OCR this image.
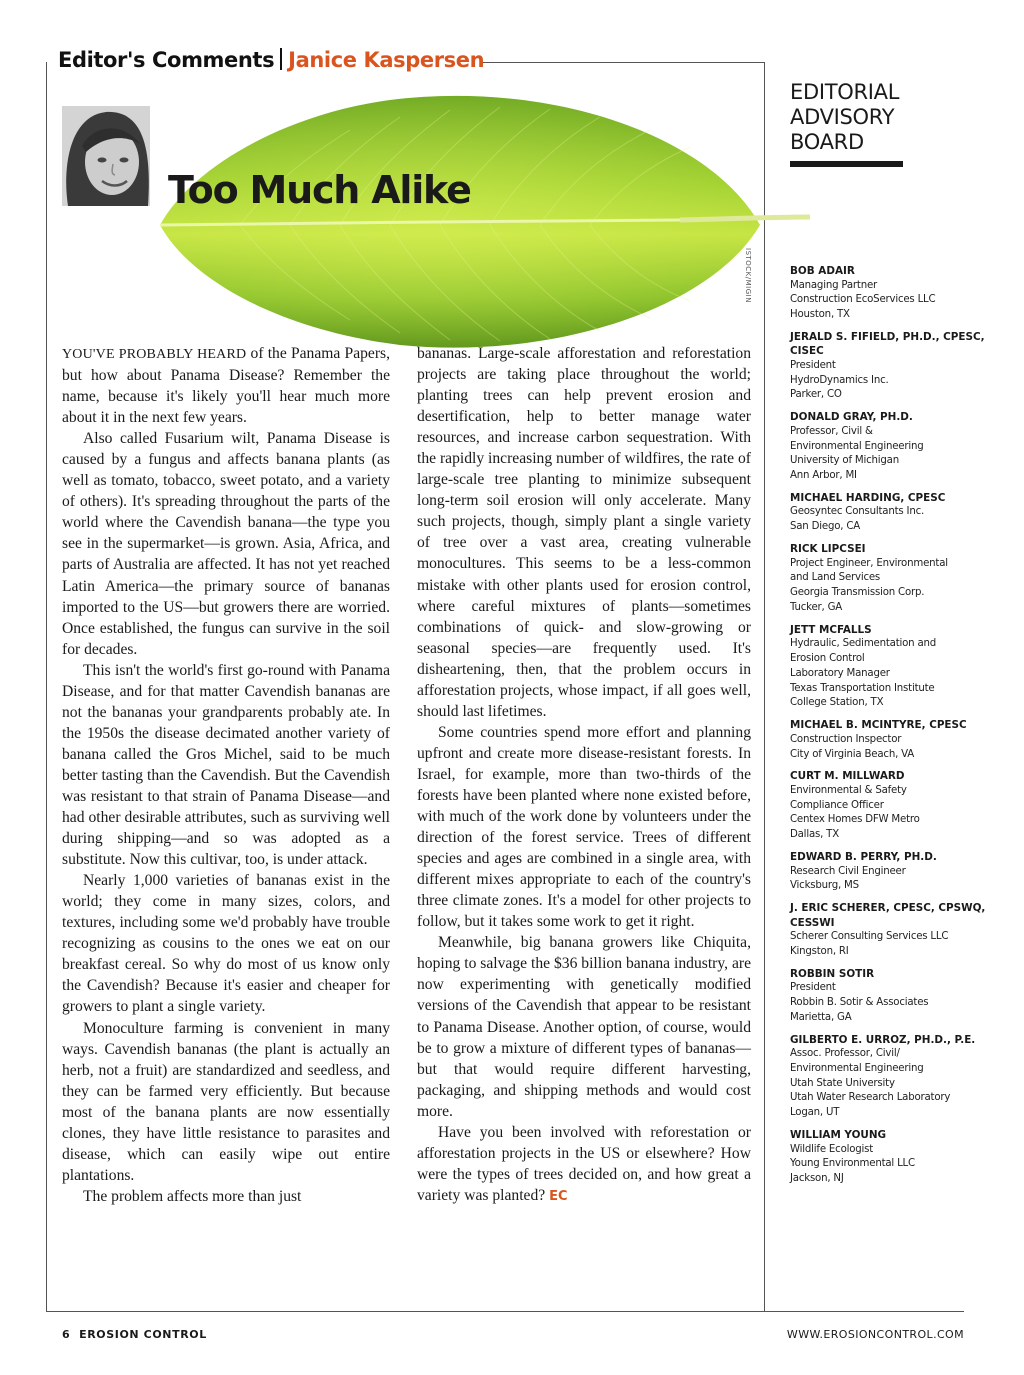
Editor's Comments Janice Kaspersen
ISTOCK/MIGIN
Too Much Alike

YOU'VE PROBABLY HEARD of the Panama Papers, but how about Panama Disease? Remember the name, because it's likely you'll hear much more about it in the next few years.

Also called Fusarium wilt, Panama Disease is caused by a fungus and affects banana plants (as well as tomato, tobacco, sweet potato, and a variety of others). It's spreading throughout the parts of the world where the Cavendish banana—the type you see in the supermarket—is grown. Asia, Africa, and parts of Australia are affected. It has not yet reached Latin America—the primary source of bananas imported to the US—but growers there are worried. Once established, the fungus can survive in the soil for decades.

This isn't the world's first go-round with Panama Disease, and for that matter Cavendish bananas are not the bananas your grandparents probably ate. In the 1950s the disease decimated another variety of banana called the Gros Michel, said to be much better tasting than the Cavendish. But the Cavendish was resistant to that strain of Panama Disease—and had other desirable attributes, such as surviving well during shipping—and so was adopted as a substitute. Now this cultivar, too, is under attack.

Nearly 1,000 varieties of bananas exist in the world; they come in many sizes, colors, and textures, including some we'd probably have trouble recognizing as cousins to the ones we eat on our breakfast cereal. So why do most of us know only the Cavendish? Because it's easier and cheaper for growers to plant a single variety.

Monoculture farming is convenient in many ways. Cavendish bananas (the plant is actually an herb, not a fruit) are standardized and seedless, and they can be farmed very efficiently. But because most of the banana plants are now essentially clones, they have little resistance to parasites and disease, which can easily wipe out entire plantations.

The problem affects more than just

bananas. Large-scale afforestation and reforestation projects are taking place throughout the world; planting trees can help prevent erosion and desertification, help to better manage water resources, and increase carbon sequestration. With the rapidly increasing number of wildfires, the rate of large-scale tree planting to minimize subsequent long-term soil erosion will only accelerate. Many such projects, though, simply plant a single variety of tree over a vast area, creating vulnerable monocultures. This seems to be a less-common mistake with other plants used for erosion control, where careful mixtures of plants—sometimes combinations of quick- and slow-growing or seasonal species—are frequently used. It's disheartening, then, that the problem occurs in afforestation projects, whose impact, if all goes well, should last lifetimes.

Some countries spend more effort and planning upfront and create more disease-resistant forests. In Israel, for example, more than two-thirds of the forests have been planted where none existed before, with much of the work done by volunteers under the direction of the forest service. Trees of different species and ages are combined in a single area, with different mixes appropriate to each of the country's three climate zones. It's a model for other projects to follow, but it takes some work to get it right.

Meanwhile, big banana growers like Chiquita, hoping to salvage the $36 billion banana industry, are now experimenting with genetically modified versions of the Cavendish that appear to be resistant to Panama Disease. Another option, of course, would be to grow a mixture of different types of bananas—but that would require different harvesting, packaging, and shipping methods and would cost more.

Have you been involved with reforestation or afforestation projects in the US or elsewhere? How were the types of trees decided on, and how great a variety was planted? EC

EDITORIAL
ADVISORY
BOARD
BOB ADAIR
Managing Partner
Construction EcoServices LLC
Houston, TX
JERALD S. FIFIELD, PH.D., CPESC, CISEC
President
HydroDynamics Inc.
Parker, CO
DONALD GRAY, PH.D.
Professor, Civil &
Environmental Engineering
University of Michigan
Ann Arbor, MI
MICHAEL HARDING, CPESC
Geosyntec Consultants Inc.
San Diego, CA
RICK LIPCSEI
Project Engineer, Environmental
and Land Services
Georgia Transmission Corp.
Tucker, GA
JETT MCFALLS
Hydraulic, Sedimentation and
Erosion Control
Laboratory Manager
Texas Transportation Institute
College Station, TX
MICHAEL B. MCINTYRE, CPESC
Construction Inspector
City of Virginia Beach, VA
CURT M. MILLWARD
Environmental & Safety
Compliance Officer
Centex Homes DFW Metro
Dallas, TX
EDWARD B. PERRY, PH.D.
Research Civil Engineer
Vicksburg, MS
J. ERIC SCHERER, CPESC, CPSWQ, CESSWI
Scherer Consulting Services LLC
Kingston, RI
ROBBIN SOTIR
President
Robbin B. Sotir & Associates
Marietta, GA
GILBERTO E. URROZ, PH.D., P.E.
Assoc. Professor, Civil/
Environmental Engineering
Utah State University
Utah Water Research Laboratory
Logan, UT
WILLIAM YOUNG
Wildlife Ecologist
Young Environmental LLC
Jackson, NJ
6 EROSION CONTROL	WWW.EROSIONCONTROL.COM
